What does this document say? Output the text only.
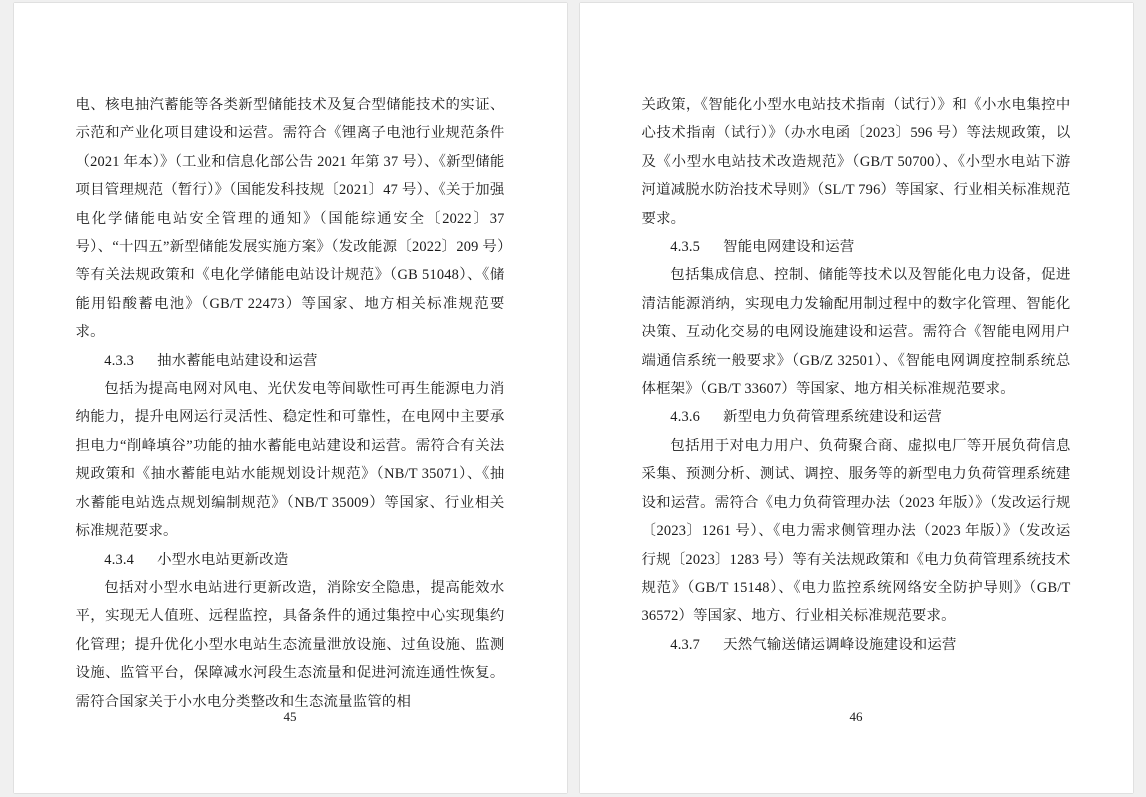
电、核电抽汽蓄能等各类新型储能技术及复合型储能技术的实证、示范和产业化项目建设和运营。需符合《锂离子电池行业规范条件（2021 年本）》（工业和信息化部公告 2021 年第 37 号）、《新型储能项目管理规范（暂行）》（国能发科技规〔2021〕47 号）、《关于加强电化学储能电站安全管理的通知》（国能综通安全〔2022〕37 号）、“十四五”新型储能发展实施方案》（发改能源〔2022〕209 号）等有关法规政策和《电化学储能电站设计规范》（GB 51048）、《储能用铅酸蓄电池》（GB/T 22473）等国家、地方相关标准规范要求。

4.3.3 抽水蓄能电站建设和运营

包括为提高电网对风电、光伏发电等间歇性可再生能源电力消纳能力，提升电网运行灵活性、稳定性和可靠性，在电网中主要承担电力“削峰填谷”功能的抽水蓄能电站建设和运营。需符合有关法规政策和《抽水蓄能电站水能规划设计规范》（NB/T 35071）、《抽水蓄能电站选点规划编制规范》（NB/T 35009）等国家、行业相关标准规范要求。

4.3.4 小型水电站更新改造

包括对小型水电站进行更新改造，消除安全隐患，提高能效水平，实现无人值班、远程监控，具备条件的通过集控中心实现集约化管理；提升优化小型水电站生态流量泄放设施、过鱼设施、监测设施、监管平台，保障减水河段生态流量和促进河流连通性恢复。需符合国家关于小水电分类整改和生态流量监管的相

45

关政策，《智能化小型水电站技术指南（试行）》和《小水电集控中心技术指南（试行）》（办水电函〔2023〕596 号）等法规政策，以及《小型水电站技术改造规范》（GB/T 50700）、《小型水电站下游河道减脱水防治技术导则》（SL/T 796）等国家、行业相关标准规范要求。

4.3.5 智能电网建设和运营

包括集成信息、控制、储能等技术以及智能化电力设备，促进清洁能源消纳，实现电力发输配用制过程中的数字化管理、智能化决策、互动化交易的电网设施建设和运营。需符合《智能电网用户端通信系统一般要求》（GB/Z 32501）、《智能电网调度控制系统总体框架》（GB/T 33607）等国家、地方相关标准规范要求。

4.3.6 新型电力负荷管理系统建设和运营

包括用于对电力用户、负荷聚合商、虚拟电厂等开展负荷信息采集、预测分析、测试、调控、服务等的新型电力负荷管理系统建设和运营。需符合《电力负荷管理办法（2023 年版）》（发改运行规〔2023〕1261 号）、《电力需求侧管理办法（2023 年版）》（发改运行规〔2023〕1283 号）等有关法规政策和《电力负荷管理系统技术规范》（GB/T 15148）、《电力监控系统网络安全防护导则》（GB/T 36572）等国家、地方、行业相关标准规范要求。

4.3.7 天然气输送储运调峰设施建设和运营
46
